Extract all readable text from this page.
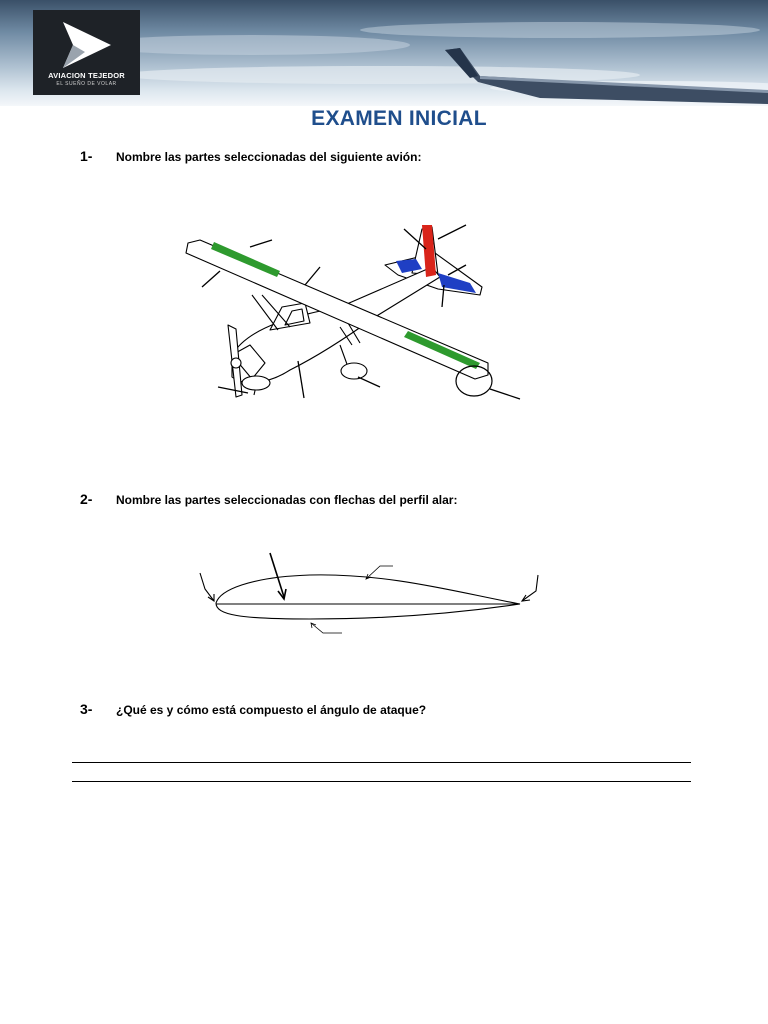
AVIACION TEJEDOR
EL SUEÑO DE VOLAR
EXAMEN INICIAL
1- Nombre las partes seleccionadas del siguiente avión:
2- Nombre las partes seleccionadas con flechas del perfil alar:
3- ¿Qué es y cómo está compuesto el ángulo de ataque?
